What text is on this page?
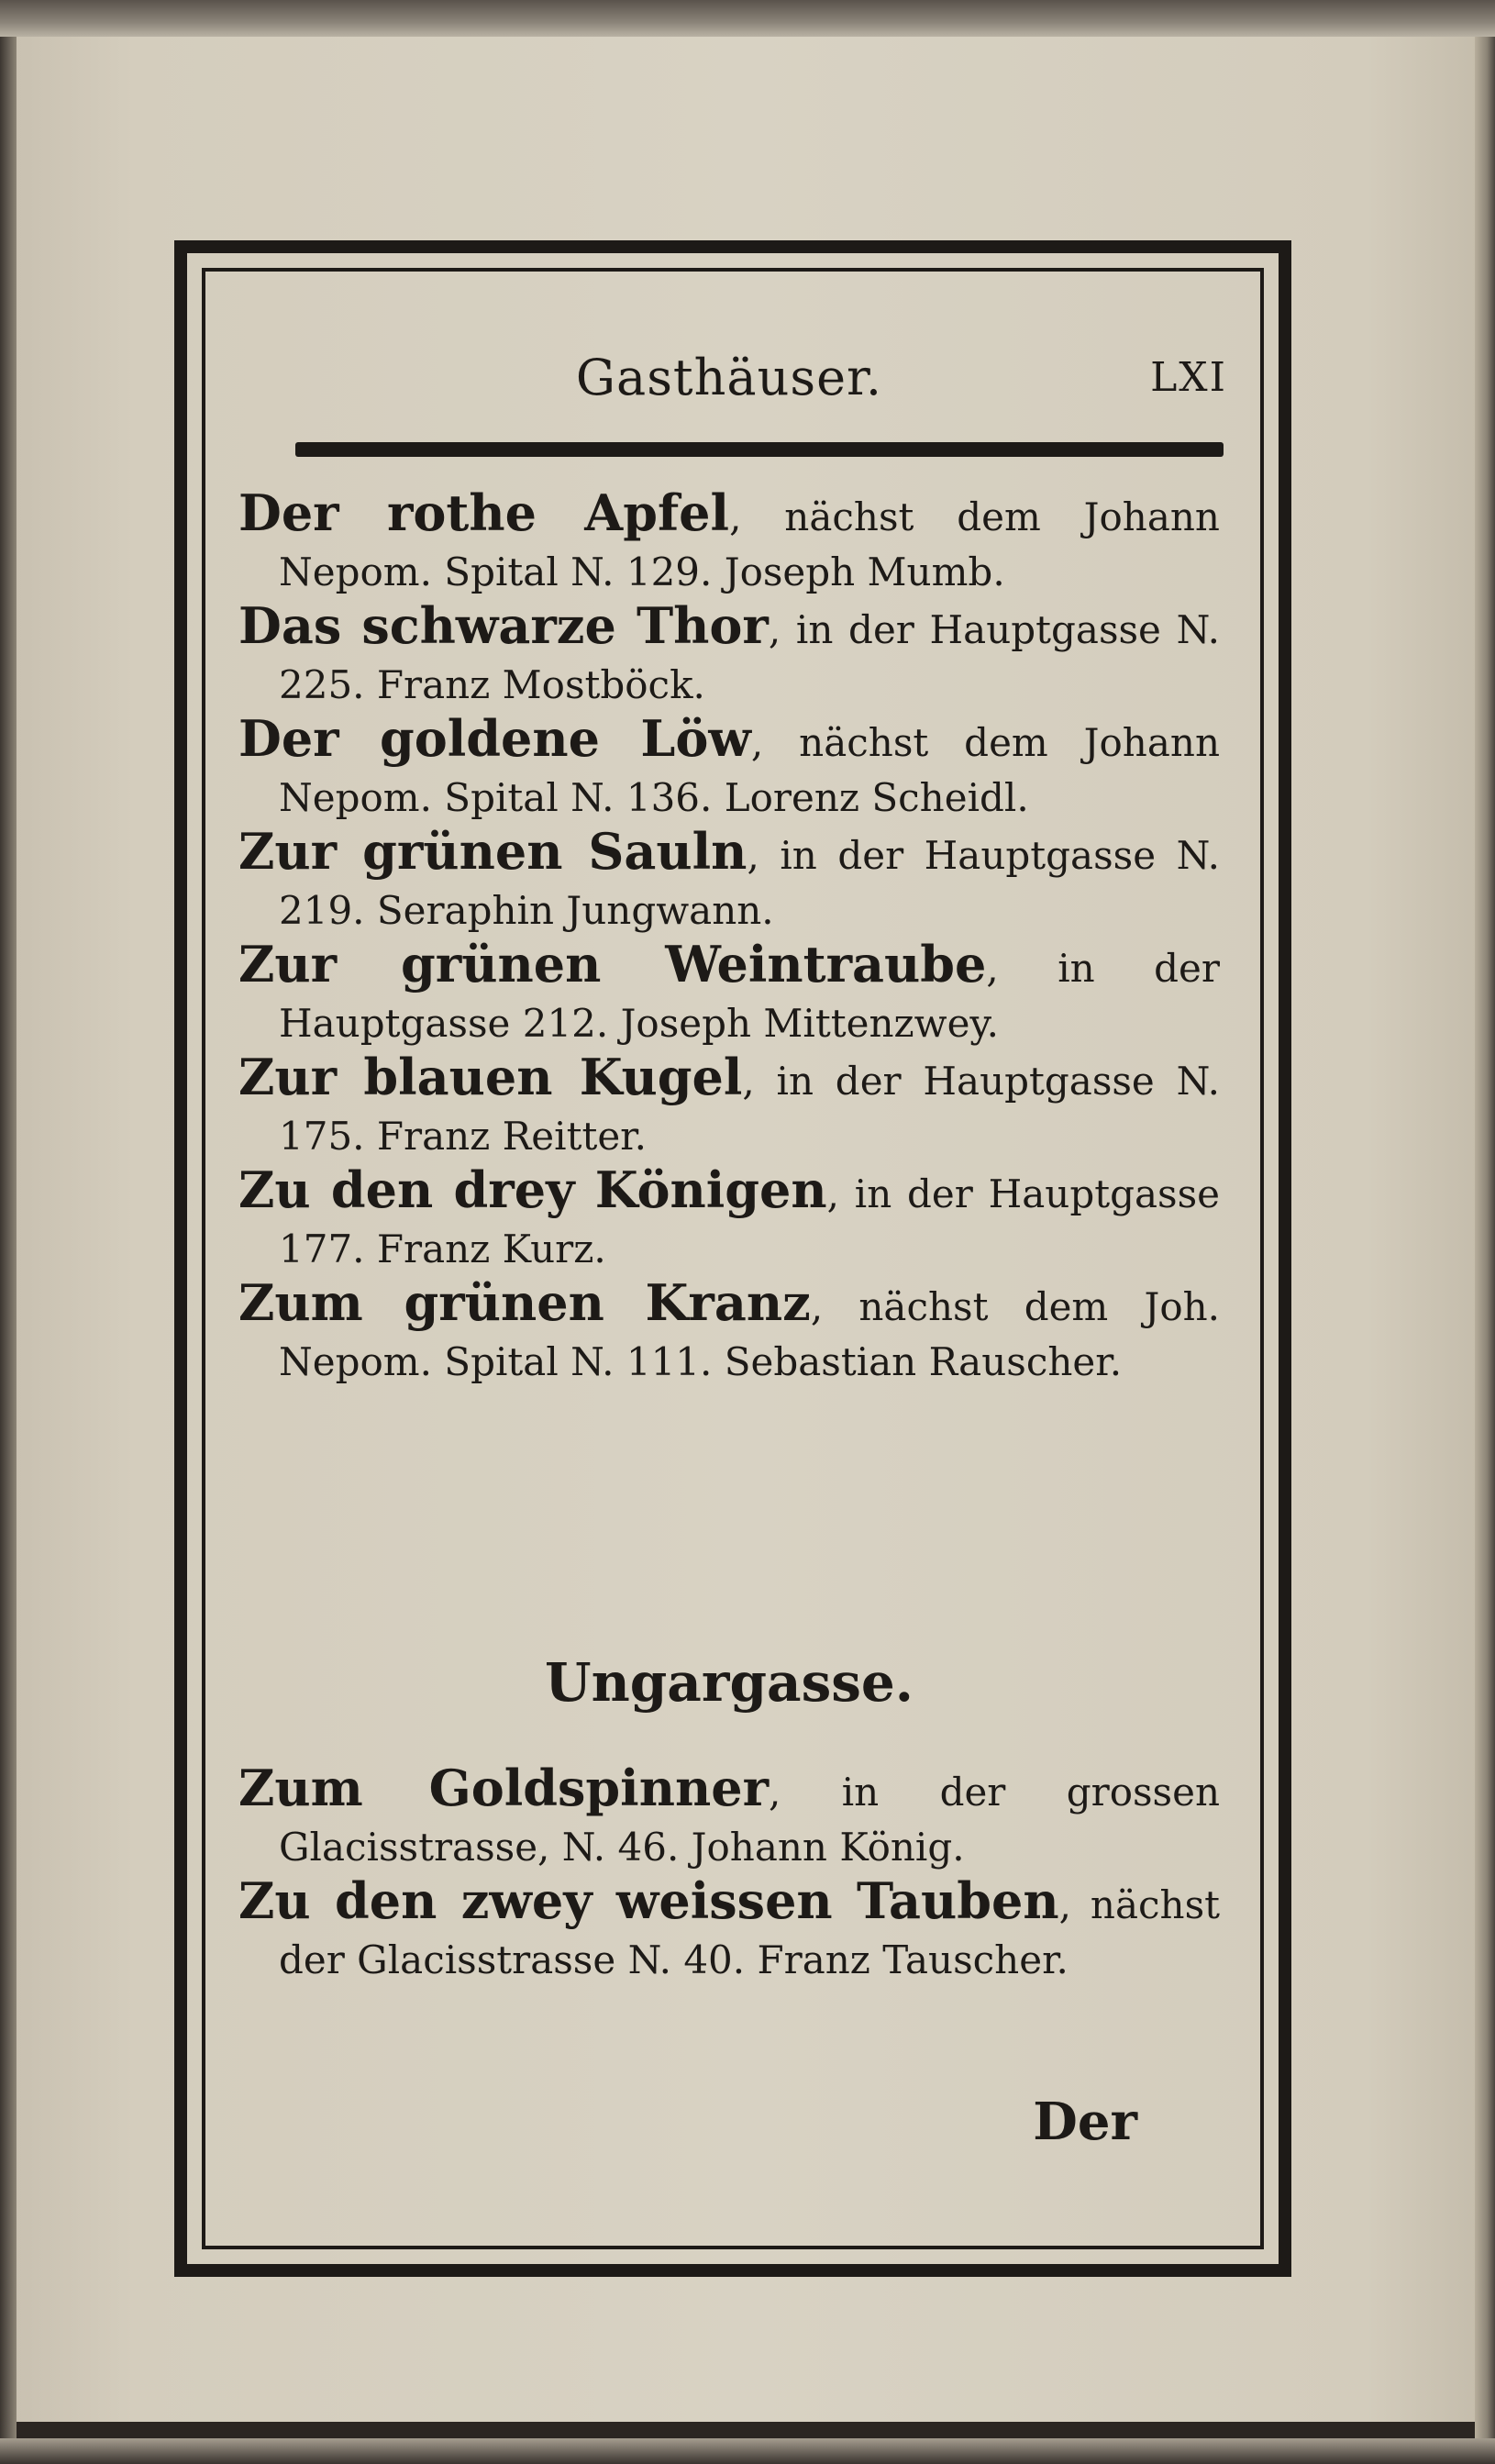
Gasthäuser.	LXI

Der rothe Apfel, nächst dem Johann Nepom. Spital N. 129. Joseph Mumb.

Das schwarze Thor, in der Hauptgasse N. 225. Franz Mostböck.

Der goldene Löw, nächst dem Johann Nepom. Spital N. 136. Lorenz Scheidl.

Zur grünen Sauln, in der Hauptgasse N. 219. Seraphin Jungwann.

Zur grünen Weintraube, in der Hauptgasse 212. Joseph Mittenzwey.

Zur blauen Kugel, in der Hauptgasse N. 175. Franz Reitter.

Zu den drey Königen, in der Hauptgasse 177. Franz Kurz.

Zum grünen Kranz, nächst dem Joh. Nepom. Spital N. 111. Sebastian Rauscher.

Ungargasse.

Zum Goldspinner, in der grossen Glacisstrasse, N. 46. Johann König.

Zu den zwey weissen Tauben, nächst der Glacisstrasse N. 40. Franz Tauscher.

Der
